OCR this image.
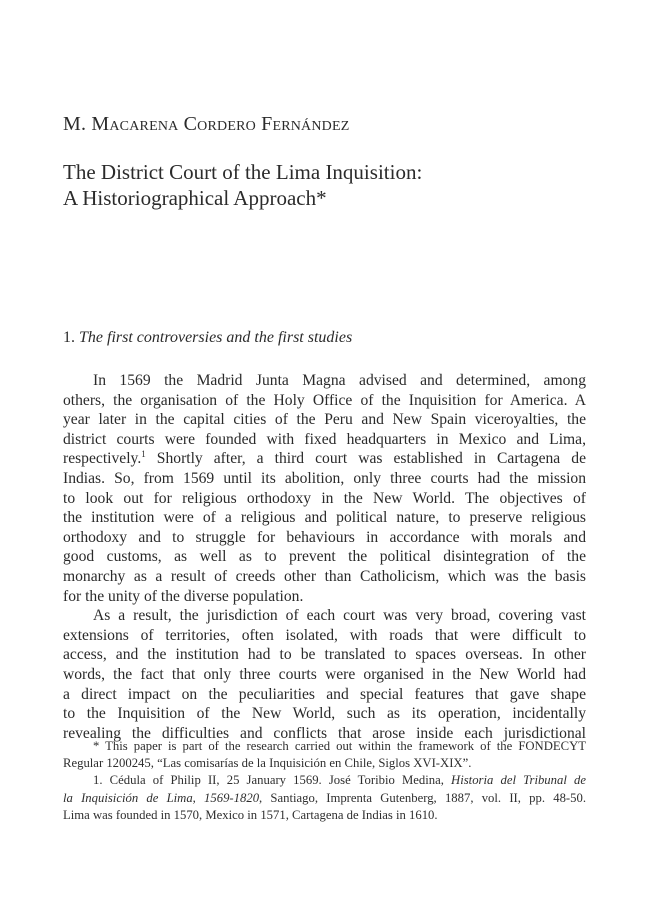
M. Macarena Cordero Fernández
The District Court of the Lima Inquisition:
A Historiographical Approach*
1. The first controversies and the first studies
In 1569 the Madrid Junta Magna advised and determined, among
others, the organisation of the Holy Office of the Inquisition for America. A
year later in the capital cities of the Peru and New Spain viceroyalties, the
district courts were founded with fixed headquarters in Mexico and Lima,
respectively.$^1$ Shortly after, a third court was established in Cartagena de
Indias. So, from 1569 until its abolition, only three courts had the mission
to look out for religious orthodoxy in the New World. The objectives of
the institution were of a religious and political nature, to preserve religious
orthodoxy and to struggle for behaviours in accordance with morals and
good customs, as well as to prevent the political disintegration of the
monarchy as a result of creeds other than Catholicism, which was the basis
for the unity of the diverse population.
As a result, the jurisdiction of each court was very broad, covering vast
extensions of territories, often isolated, with roads that were difficult to
access, and the institution had to be translated to spaces overseas. In other
words, the fact that only three courts were organised in the New World had
a direct impact on the peculiarities and special features that gave shape
to the Inquisition of the New World, such as its operation, incidentally
revealing the difficulties and conflicts that arose inside each jurisdictional
* This paper is part of the research carried out within the framework of the FONDECYT
Regular 1200245, “Las comisarías de la Inquisición en Chile, Siglos XVI-XIX”.
1. Cédula of Philip II, 25 January 1569. José Toribio Medina, Historia del Tribunal de
la Inquisición de Lima, 1569-1820, Santiago, Imprenta Gutenberg, 1887, vol. II, pp. 48-50.
Lima was founded in 1570, Mexico in 1571, Cartagena de Indias in 1610.
